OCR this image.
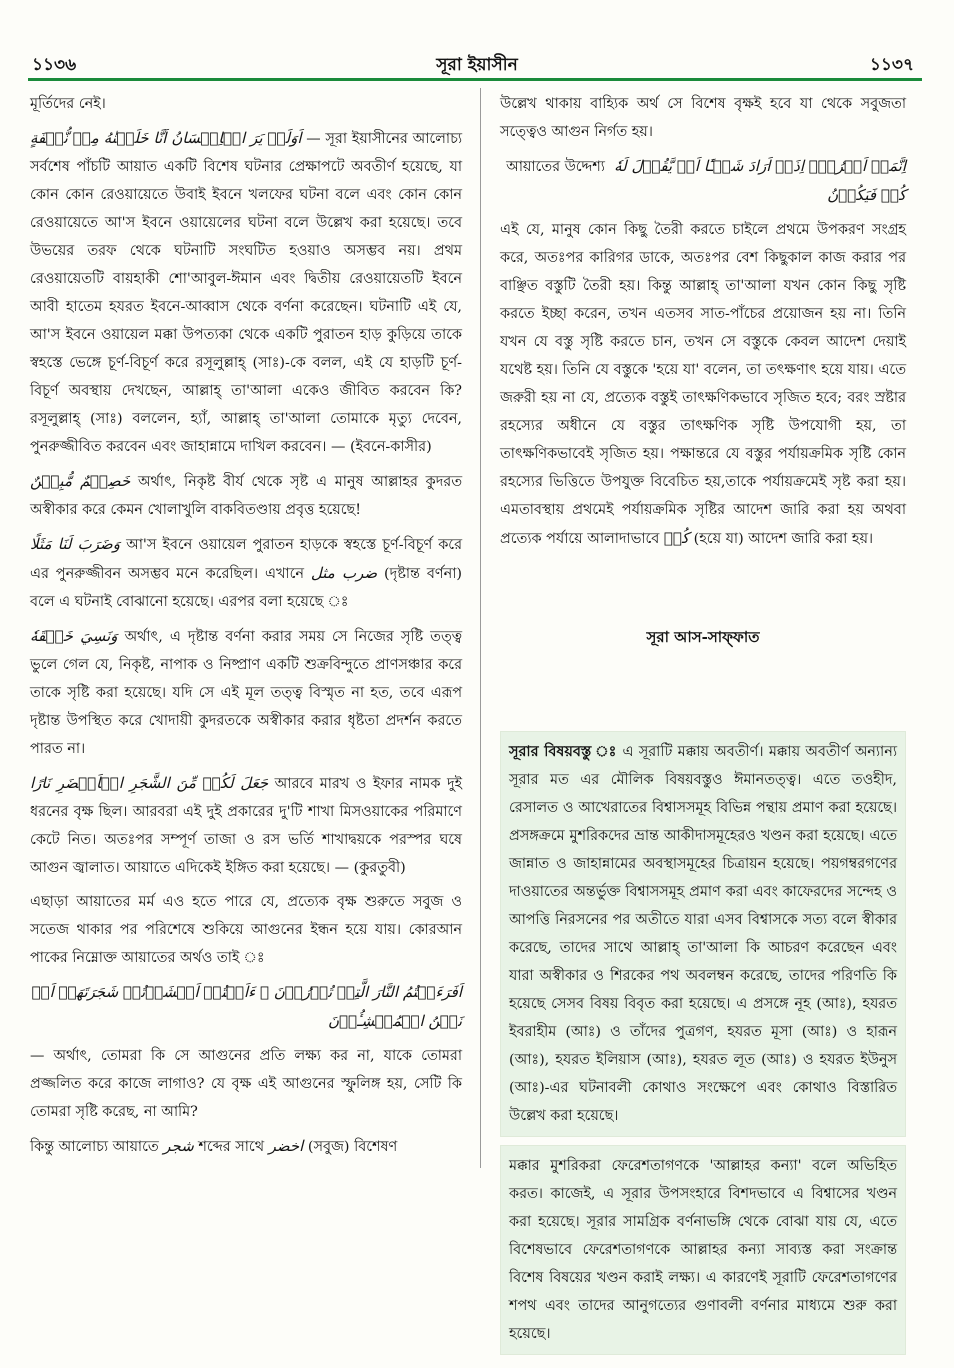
১১৩৬	সূরা ইয়াসীন	১১৩৭

মূর্তিদের নেই।

اَوَلَمۡ يَرَ الۡاِنۡسَانُ اَنَّا خَلَقۡنٰهُ مِنۡ نُّطۡفَةٍ — সূরা ইয়াসীনের আলোচ্য সর্বশেষ পাঁচটি আয়াত একটি বিশেষ ঘটনার প্রেক্ষাপটে অবতীর্ণ হয়েছে, যা কোন কোন রেওয়ায়েতে উবাই ইবনে খলফের ঘটনা বলে এবং কোন কোন রেওয়ায়েতে আ'স ইবনে ওয়ায়েলের ঘটনা বলে উল্লেখ করা হয়েছে। তবে উভয়ের তরফ থেকে ঘটনাটি সংঘটিত হওয়াও অসম্ভব নয়। প্রথম রেওয়ায়েতটি বায়হাকী শো'আবুল-ঈমান এবং দ্বিতীয় রেওয়ায়েতটি ইবনে আবী হাতেম হযরত ইবনে-আব্বাস থেকে বর্ণনা করেছেন। ঘটনাটি এই যে, আ'স ইবনে ওয়ায়েল মক্কা উপত্যকা থেকে একটি পুরাতন হাড় কুড়িয়ে তাকে স্বহস্তে ভেঙ্গে চূর্ণ-বিচূর্ণ করে রসূলুল্লাহ্ (সাঃ)-কে বলল, এই যে হাড়টি চূর্ণ-বিচূর্ণ অবস্থায় দেখছেন, আল্লাহ্ তা'আলা একেও জীবিত করবেন কি? রসূলুল্লাহ্ (সাঃ) বললেন, হ্যাঁ, আল্লাহ্ তা'আলা তোমাকে মৃত্যু দেবেন, পুনরুজ্জীবিত করবেন এবং জাহান্নামে দাখিল করবেন। — (ইবনে-কাসীর)

خَصِيۡمٌ مُّبِيۡنٌ অর্থাৎ, নিকৃষ্ট বীর্য থেকে সৃষ্ট এ মানুষ আল্লাহর কুদরত অস্বীকার করে কেমন খোলাখুলি বাকবিতণ্ডায় প্রবৃত্ত হয়েছে!

وَضَرَبَ لَنَا مَثَلًا আ'স ইবনে ওয়ায়েল পুরাতন হাড়কে স্বহস্তে চূর্ণ-বিচূর্ণ করে এর পুনরুজ্জীবন অসম্ভব মনে করেছিল। এখানে ضرب مثل (দৃষ্টান্ত বর্ণনা) বলে এ ঘটনাই বোঝানো হয়েছে। এরপর বলা হয়েছে ঃ

وَنَسِيَ خَلۡقَهٗ অর্থাৎ, এ দৃষ্টান্ত বর্ণনা করার সময় সে নিজের সৃষ্টি তত্ত্ব ভুলে গেল যে, নিকৃষ্ট, নাপাক ও নিষ্প্রাণ একটি শুক্রবিন্দুতে প্রাণসঞ্চার করে তাকে সৃষ্টি করা হয়েছে। যদি সে এই মূল তত্ত্ব বিস্মৃত না হত, তবে এরূপ দৃষ্টান্ত উপস্থিত করে খোদায়ী কুদরতকে অস্বীকার করার ধৃষ্টতা প্রদর্শন করতে পারত না।

جَعَلَ لَكُمۡ مِّنَ الشَّجَرِ الۡاَخۡضَرِ نَارًا আরবে মারখ ও ইফার নামক দুই ধরনের বৃক্ষ ছিল। আরবরা এই দুই প্রকারের দু'টি শাখা মিসওয়াকের পরিমাণে কেটে নিত। অতঃপর সম্পূর্ণ তাজা ও রস ভর্তি শাখাদ্বয়কে পরস্পর ঘষে আগুন জ্বালাত। আয়াতে এদিকেই ইঙ্গিত করা হয়েছে। — (কুরতুবী)

এছাড়া আয়াতের মর্ম এও হতে পারে যে, প্রত্যেক বৃক্ষ শুরুতে সবুজ ও সতেজ থাকার পর পরিশেষে শুকিয়ে আগুনের ইন্ধন হয়ে যায়। কোরআন পাকের নিম্নোক্ত আয়াতের অর্থও তাই ঃ

اَفَرَءَيۡتُمُ النَّارَ الَّتِىۡ تُوۡرُوۡنَ ۞ ءَاَنۡتُمۡ اَنۡشَاۡتُمۡ شَجَرَتَهَاۤ اَمۡ نَحۡنُ الۡمُنۡشِـُٔوۡنَ

— অর্থাৎ, তোমরা কি সে আগুনের প্রতি লক্ষ্য কর না, যাকে তোমরা প্রজ্জলিত করে কাজে লাগাও? যে বৃক্ষ এই আগুনের স্ফুলিঙ্গ হয়, সেটি কি তোমরা সৃষ্টি করেছ, না আমি?

কিন্তু আলোচ্য আয়াতে شجر শব্দের সাথে اخضر (সবুজ) বিশেষণ

উল্লেখ থাকায় বাহ্যিক অর্থ সে বিশেষ বৃক্ষই হবে যা থেকে সবুজতা সত্ত্বেও আগুন নির্গত হয়।

আয়াতের উদ্দেশ্য اِنَّمَاۤ اَمۡرُهٗۤ اِذَاۤ اَرَادَ شَيۡـًٔا اَنۡ يَّقُوۡلَ لَهٗ كُنۡ فَيَكُوۡنُ

এই যে, মানুষ কোন কিছু তৈরী করতে চাইলে প্রথমে উপকরণ সংগ্রহ করে, অতঃপর কারিগর ডাকে, অতঃপর বেশ কিছুকাল কাজ করার পর বাঞ্ছিত বস্তুটি তৈরী হয়। কিন্তু আল্লাহ্ তা'আলা যখন কোন কিছু সৃষ্টি করতে ইচ্ছা করেন, তখন এতসব সাত-পাঁচের প্রয়োজন হয় না। তিনি যখন যে বস্তু সৃষ্টি করতে চান, তখন সে বস্তুকে কেবল আদেশ দেয়াই যথেষ্ট হয়। তিনি যে বস্তুকে 'হয়ে যা' বলেন, তা তৎক্ষণাৎ হয়ে যায়। এতে জরুরী হয় না যে, প্রত্যেক বস্তুই তাৎক্ষণিকভাবে সৃজিত হবে; বরং স্রষ্টার রহস্যের অধীনে যে বস্তুর তাৎক্ষণিক সৃষ্টি উপযোগী হয়, তা তাৎক্ষণিকভাবেই সৃজিত হয়। পক্ষান্তরে যে বস্তুর পর্যায়ক্রমিক সৃষ্টি কোন রহস্যের ভিত্তিতে উপযুক্ত বিবেচিত হয়,তাকে পর্যায়ক্রমেই সৃষ্ট করা হয়। এমতাবস্থায় প্রথমেই পর্যায়ক্রমিক সৃষ্টির আদেশ জারি করা হয় অথবা প্রত্যেক পর্যায়ে আলাদাভাবে كُنۡ (হয়ে যা) আদেশ জারি করা হয়।

সূরা আস-সাফ্‌ফাত
সূরার বিষয়বস্তু ঃ এ সূরাটি মক্কায় অবতীর্ণ। মক্কায় অবতীর্ণ অন্যান্য সূরার মত এর মৌলিক বিষয়বস্তুও ঈমানতত্ত্ব। এতে তওহীদ, রেসালত ও আখেরাতের বিশ্বাসসমূহ বিভিন্ন পন্থায় প্রমাণ করা হয়েছে। প্রসঙ্গক্রমে মুশরিকদের ভ্রান্ত আকীদাসমূহেরও খণ্ডন করা হয়েছে। এতে জান্নাত ও জাহান্নামের অবস্থাসমূহের চিত্রায়ন হয়েছে। পয়গম্বরগণের দাওয়াতের অন্তর্ভুক্ত বিশ্বাসসমূহ প্রমাণ করা এবং কাফেরদের সন্দেহ ও আপত্তি নিরসনের পর অতীতে যারা এসব বিশ্বাসকে সত্য বলে স্বীকার করেছে, তাদের সাথে আল্লাহ্ তা'আলা কি আচরণ করেছেন এবং যারা অস্বীকার ও শিরকের পথ অবলম্বন করেছে, তাদের পরিণতি কি হয়েছে সেসব বিষয় বিবৃত করা হয়েছে। এ প্রসঙ্গে নূহ (আঃ), হযরত ইবরাহীম (আঃ) ও তাঁদের পুত্রগণ, হযরত মূসা (আঃ) ও হারূন (আঃ), হযরত ইলিয়াস (আঃ), হযরত লূত (আঃ) ও হযরত ইউনুস (আঃ)-এর ঘটনাবলী কোথাও সংক্ষেপে এবং কোথাও বিস্তারিত উল্লেখ করা হয়েছে।
মক্কার মুশরিকরা ফেরেশতাগণকে 'আল্লাহর কন্যা' বলে অভিহিত করত। কাজেই, এ সূরার উপসংহারে বিশদভাবে এ বিশ্বাসের খণ্ডন করা হয়েছে। সূরার সামগ্রিক বর্ণনাভঙ্গি থেকে বোঝা যায় যে, এতে বিশেষভাবে ফেরেশতাগণকে আল্লাহর কন্যা সাব্যস্ত করা সংক্রান্ত বিশেষ বিষয়ের খণ্ডন করাই লক্ষ্য। এ কারণেই সূরাটি ফেরেশতাগণের শপথ এবং তাদের আনুগত্যের গুণাবলী বর্ণনার মাধ্যমে শুরু করা হয়েছে।
